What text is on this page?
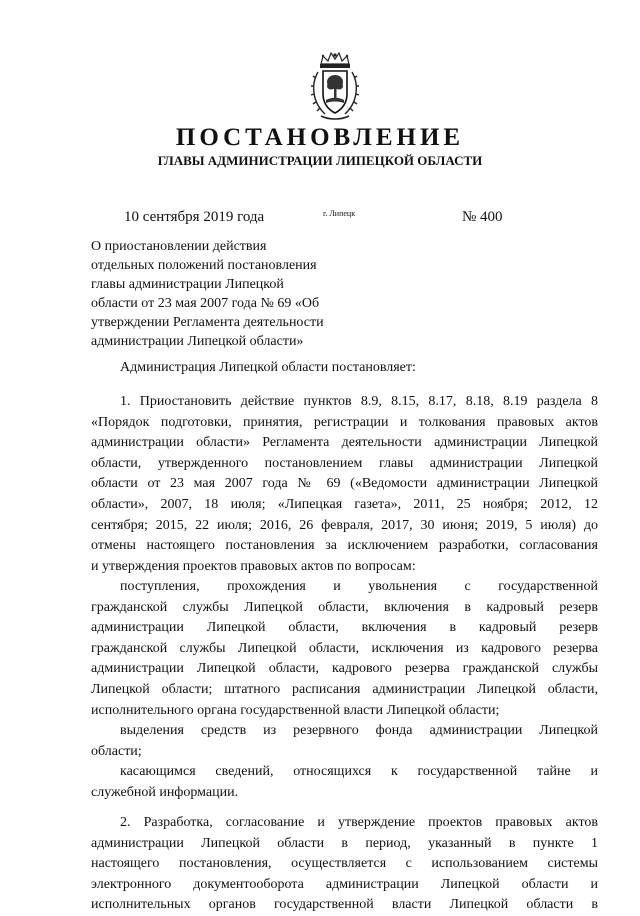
ПОСТАНОВЛЕНИЕ
ГЛАВЫ АДМИНИСТРАЦИИ ЛИПЕЦКОЙ ОБЛАСТИ
10 сентября 2019 года	г. Липецк	№ 400
О приостановлении действия
отдельных положений постановления
главы администрации Липецкой
области от 23 мая 2007 года № 69 «Об
утверждении Регламента деятельности
администрации Липецкой области»
Администрация Липецкой области постановляет:
1. Приостановить действие пунктов 8.9, 8.15, 8.17, 8.18, 8.19 раздела 8
«Порядок подготовки, принятия, регистрации и толкования правовых актов
администрации области» Регламента деятельности администрации Липецкой
области, утвержденного постановлением главы администрации Липецкой
области от 23 мая 2007 года № 69 («Ведомости администрации Липецкой
области», 2007, 18 июля; «Липецкая газета», 2011, 25 ноября; 2012, 12
сентября; 2015, 22 июля; 2016, 26 февраля, 2017, 30 июня; 2019, 5 июля) до
отмены настоящего постановления за исключением разработки, согласования
и утверждения проектов правовых актов по вопросам:
поступления, прохождения и увольнения с государственной
гражданской службы Липецкой области, включения в кадровый резерв
администрации Липецкой области, включения в кадровый резерв
гражданской службы Липецкой области, исключения из кадрового резерва
администрации Липецкой области, кадрового резерва гражданской службы
Липецкой области; штатного расписания администрации Липецкой области,
исполнительного органа государственной власти Липецкой области;
выделения средств из резервного фонда администрации Липецкой
области;
касающимся сведений, относящихся к государственной тайне и
служебной информации.
2. Разработка, согласование и утверждение проектов правовых актов
администрации Липецкой области в период, указанный в пункте 1
настоящего постановления, осуществляется с использованием системы
электронного документооборота администрации Липецкой области и
исполнительных органов государственной власти Липецкой области в
